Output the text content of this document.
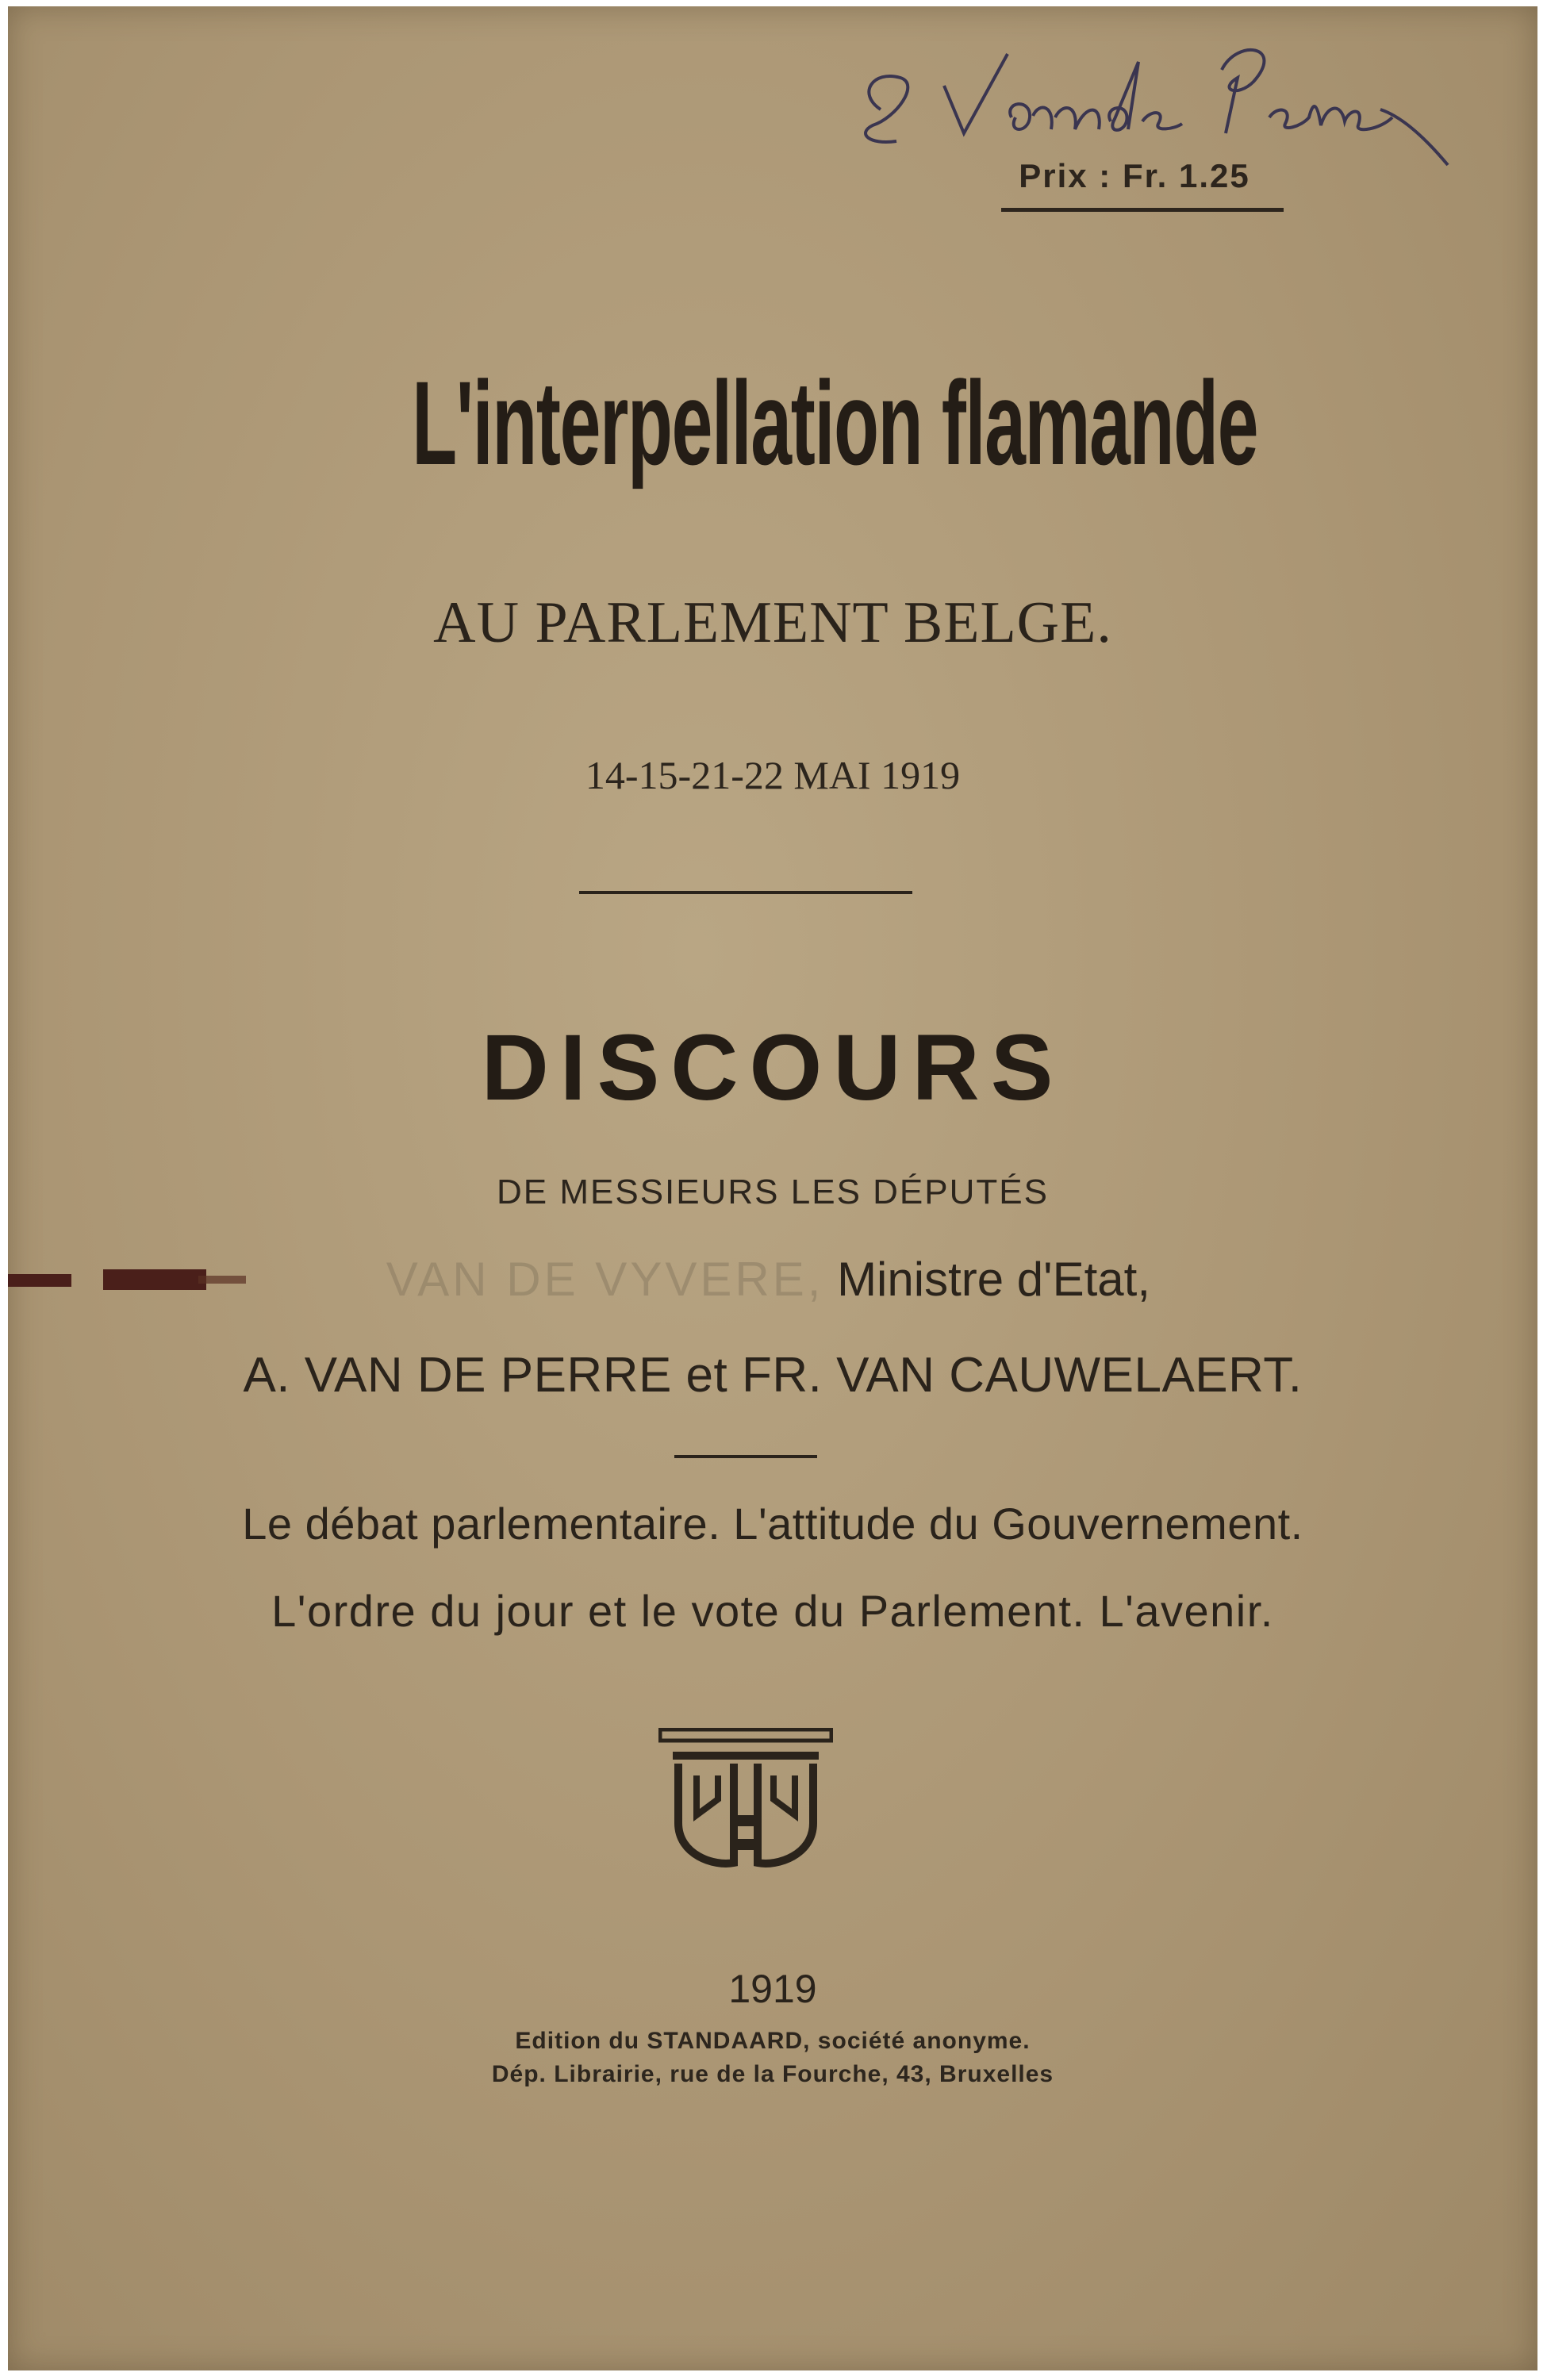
Prix : Fr. 1.25
L'interpellation flamande
AU PARLEMENT BELGE.
14-15-21-22 MAI 1919
DISCOURS
DE MESSIEURS LES DÉPUTÉS
VAN DE VYVERE, Ministre d'Etat,
A. VAN DE PERRE et FR. VAN CAUWELAERT.
Le débat parlementaire. L'attitude du Gouvernement.
L'ordre du jour et le vote du Parlement. L'avenir.
1919
Edition du STANDAARD, société anonyme.
Dép. Librairie, rue de la Fourche, 43, Bruxelles
